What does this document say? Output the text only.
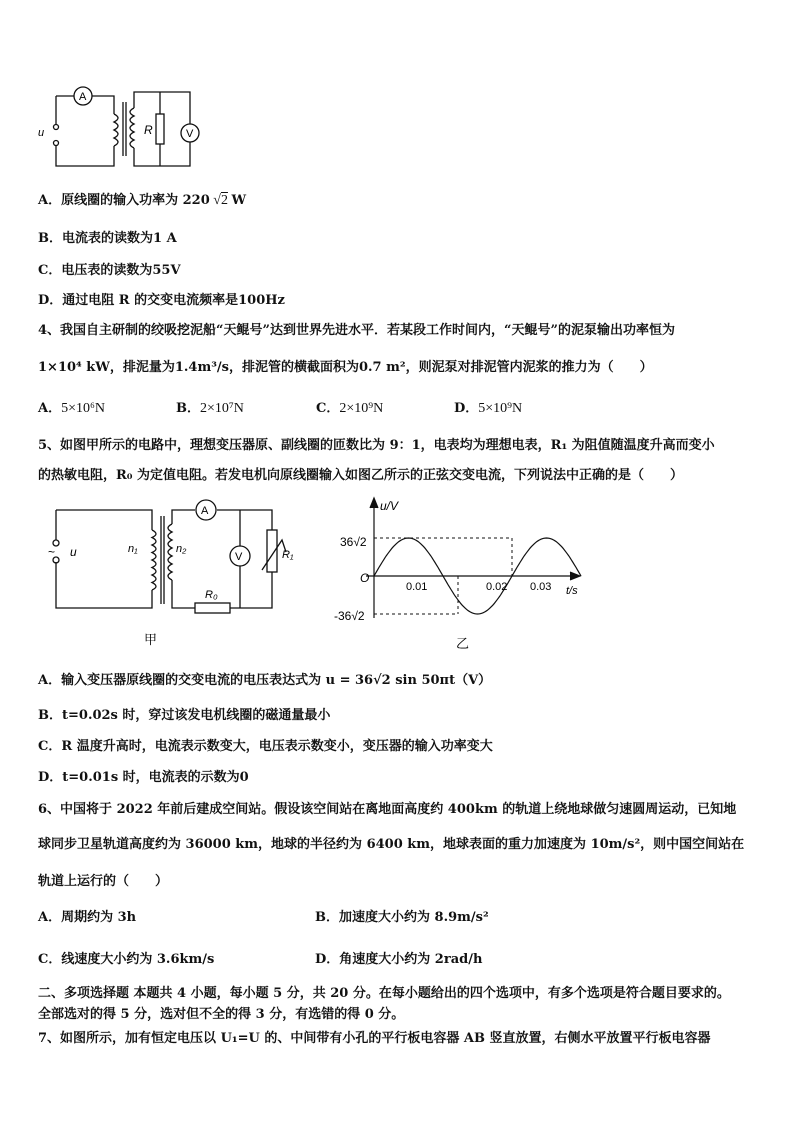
A
V
R
u
A．原线圈的输入功率为 220 √2 W
B．电流表的读数为1 A
C．电压表的读数为55V
D．通过电阻 R 的交变电流频率是100Hz
4、我国自主研制的绞吸挖泥船“天鲲号”达到世界先进水平．若某段工作时间内，“天鲲号”的泥泵输出功率恒为
1×10⁴ kW，排泥量为1.4m³/s，排泥管的横截面积为0.7 m²，则泥泵对排泥管内泥浆的推力为（　　）
A．5×10⁶N	B．2×10⁷N	C．2×10⁹N	D．5×10⁹N
5、如图甲所示的电路中，理想变压器原、副线圈的匝数比为 9：1，电表均为理想电表，R₁ 为阻值随温度升高而变小
的热敏电阻，R₀ 为定值电阻。若发电机向原线圈输入如图乙所示的正弦交变电流，下列说法中正确的是（　　）
A
V
n₁	n₂
u
~
R₀
R₁
甲
u/V
t/s
O
36√2
-36√2
0.01	0.02 0.03
乙
A．输入变压器原线圈的交变电流的电压表达式为 u = 36√2 sin 50πt（V）
B．t=0.02s 时，穿过该发电机线圈的磁通量最小
C．R 温度升高时，电流表示数变大，电压表示数变小，变压器的输入功率变大
D．t=0.01s 时，电流表的示数为0
6、中国将于 2022 年前后建成空间站。假设该空间站在离地面高度约 400km 的轨道上绕地球做匀速圆周运动，已知地
球同步卫星轨道高度约为 36000 km，地球的半径约为 6400 km，地球表面的重力加速度为 10m/s²，则中国空间站在
轨道上运行的（　　）
A．周期约为 3h	B．加速度大小约为 8.9m/s²
C．线速度大小约为 3.6km/s	D．角速度大小约为 2rad/h
二、多项选择题 本题共 4 小题，每小题 5 分，共 20 分。在每小题给出的四个选项中，有多个选项是符合题目要求的。
全部选对的得 5 分，选对但不全的得 3 分，有选错的得 0 分。
7、如图所示，加有恒定电压以 U₁=U 的、中间带有小孔的平行板电容器 AB 竖直放置，右侧水平放置平行板电容器
